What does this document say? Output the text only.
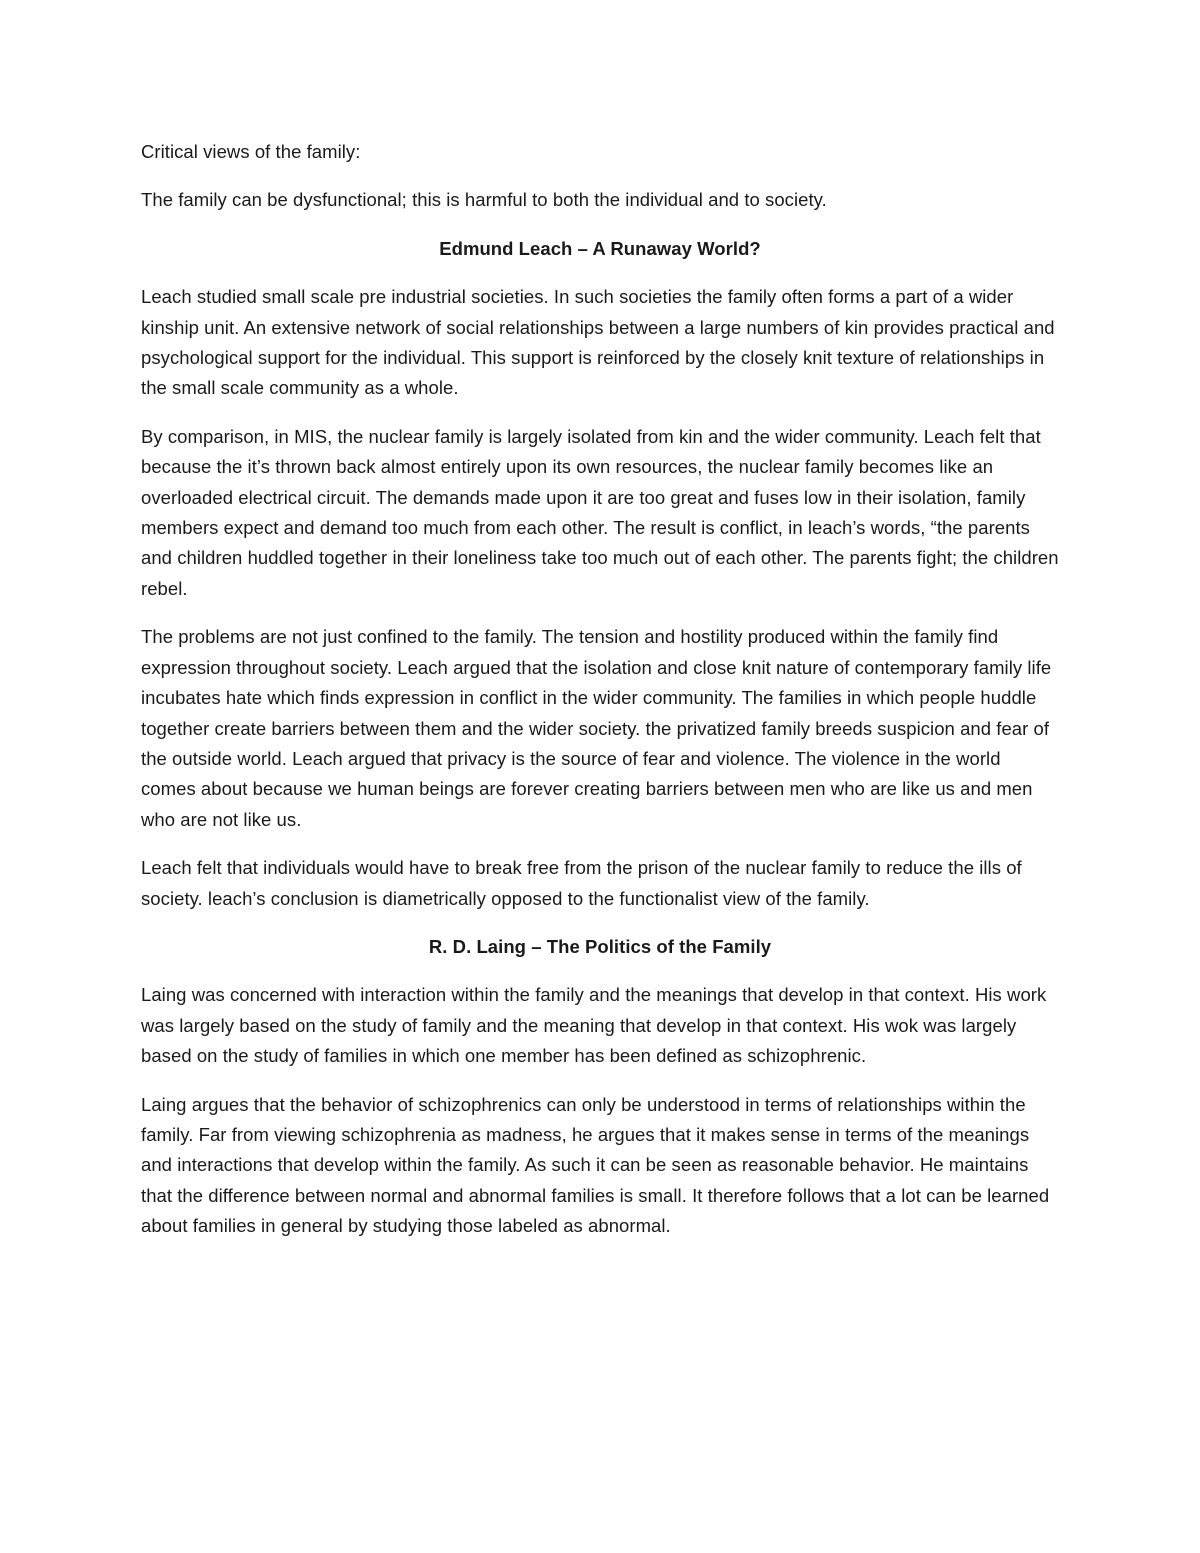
Critical views of the family:

The family can be dysfunctional; this is harmful to both the individual and to society.

Edmund Leach – A Runaway World?

Leach studied small scale pre industrial societies. In such societies the family often forms a part of a wider kinship unit. An extensive network of social relationships between a large numbers of kin provides practical and psychological support for the individual. This support is reinforced by the closely knit texture of relationships in the small scale community as a whole.

By comparison, in MIS, the nuclear family is largely isolated from kin and the wider community. Leach felt that because the it’s thrown back almost entirely upon its own resources, the nuclear family becomes like an overloaded electrical circuit. The demands made upon it are too great and fuses low in their isolation, family members expect and demand too much from each other. The result is conflict, in leach’s words, “the parents and children huddled together in their loneliness take too much out of each other. The parents fight; the children rebel.

The problems are not just confined to the family. The tension and hostility produced within the family find expression throughout society. Leach argued that the isolation and close knit nature of contemporary family life incubates hate which finds expression in conflict in the wider community. The families in which people huddle together create barriers between them and the wider society. the privatized family breeds suspicion and fear of the outside world. Leach argued that privacy is the source of fear and violence. The violence in the world comes about because we human beings are forever creating barriers between men who are like us and men who are not like us.

Leach felt that individuals would have to break free from the prison of the nuclear family to reduce the ills of society. leach’s conclusion is diametrically opposed to the functionalist view of the family.

R. D. Laing – The Politics of the Family

Laing was concerned with interaction within the family and the meanings that develop in that context. His work was largely based on the study of family and the meaning that develop in that context. His wok was largely based on the study of families in which one member has been defined as schizophrenic.

Laing argues that the behavior of schizophrenics can only be understood in terms of relationships within the family. Far from viewing schizophrenia as madness, he argues that it makes sense in terms of the meanings and interactions that develop within the family. As such it can be seen as reasonable behavior. He maintains that the difference between normal and abnormal families is small. It therefore follows that a lot can be learned about families in general by studying those labeled as abnormal.
